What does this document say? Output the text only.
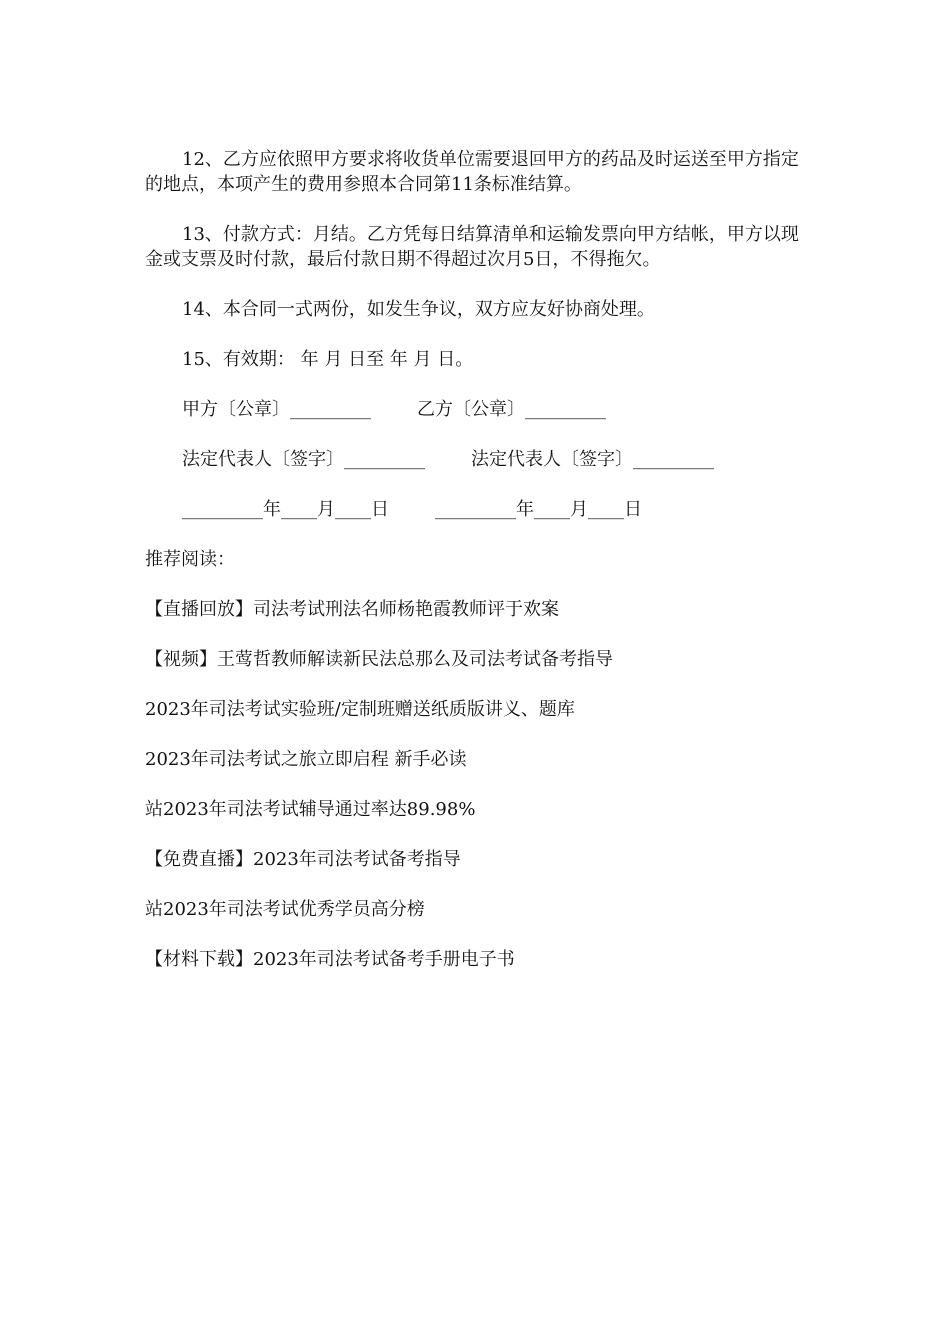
12、乙方应依照甲方要求将收货单位需要退回甲方的药品及时运送至甲方指定的地点，本项产生的费用参照本合同第11条标准结算。

13、付款方式：月结。乙方凭每日结算清单和运输发票向甲方结帐，甲方以现金或支票及时付款，最后付款日期不得超过次月5日，不得拖欠。

14、本合同一式两份，如发生争议，双方应友好协商处理。

15、有效期： 年 月 日至 年 月 日。

甲方〔公章〕_________	乙方〔公章〕_________
法定代表人〔签字〕_________	法定代表人〔签字〕_________
_________年____月____日	_________年____月____日
推荐阅读：
【直播回放】司法考试刑法名师杨艳霞教师评于欢案
【视频】王莺哲教师解读新民法总那么及司法考试备考指导
2023年司法考试实验班/定制班赠送纸质版讲义、题库
2023年司法考试之旅立即启程 新手必读
站2023年司法考试辅导通过率达89.98%
【免费直播】2023年司法考试备考指导
站2023年司法考试优秀学员高分榜
【材料下载】2023年司法考试备考手册电子书
